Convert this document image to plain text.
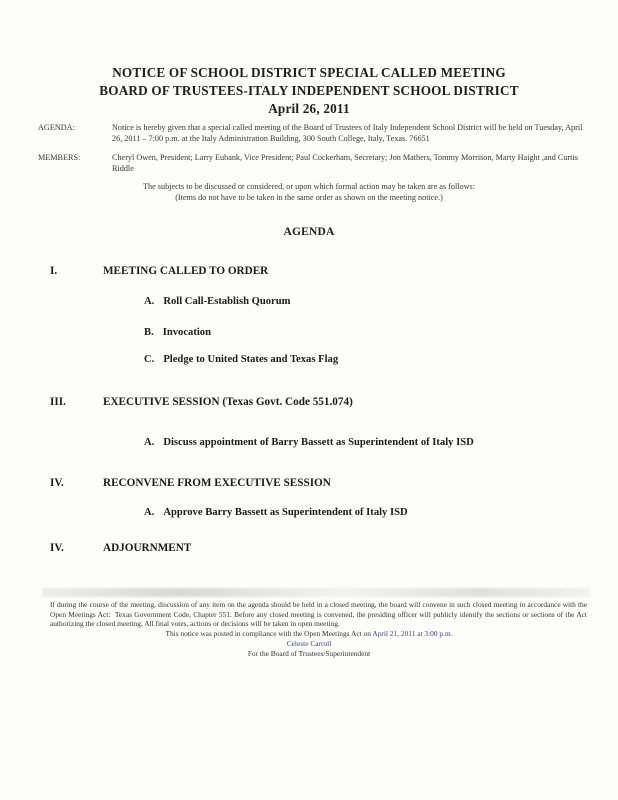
NOTICE OF SCHOOL DISTRICT SPECIAL CALLED MEETING
BOARD OF TRUSTEES-ITALY INDEPENDENT SCHOOL DISTRICT
April 26, 2011
AGENDA:	Notice is hereby given that a special called meeting of the Board of Trustees of Italy Independent School District will be held on Tuesday, April 26, 2011 – 7:00 p.m. at the Italy Administration Building, 300 South College, Italy, Texas. 76651
MEMBERS:	Cheryl Owen, President; Larry Eubank, Vice President; Paul Cockerham, Secretary; Jon Mathers, Tommy Morrison, Marty Haight ,and Curtis Riddle
The subjects to be discussed or considered, or upon which formal action may be taken are as follows:
(Items do not have to be taken in the same order as shown on the meeting notice.)
AGENDA
I.	MEETING CALLED TO ORDER
A. Roll Call-Establish Quorum
B. Invocation
C. Pledge to United States and Texas Flag
III.	EXECUTIVE SESSION (Texas Govt. Code 551.074)
A. Discuss appointment of Barry Bassett as Superintendent of Italy ISD
IV.	RECONVENE FROM EXECUTIVE SESSION
A. Approve Barry Bassett as Superintendent of Italy ISD
IV.	ADJOURNMENT
If during the course of the meeting, discussion of any item on the agenda should be held in a closed meeting, the board will convene in such closed meeting in accordance with the Open Meetings Act:  Texas Government Code, Chapter 551. Before any closed meeting is convened, the presiding officer will publicly identify the sections or sections of the Act authorizing the closed meeting. All final votes, actions or decisions will be taken in open meeting.
This notice was posted in compliance with the Open Meetings Act on April 21, 2011 at 3:00 p.m.
Celeste Carroll
For the Board of Trustees/Superintendent
